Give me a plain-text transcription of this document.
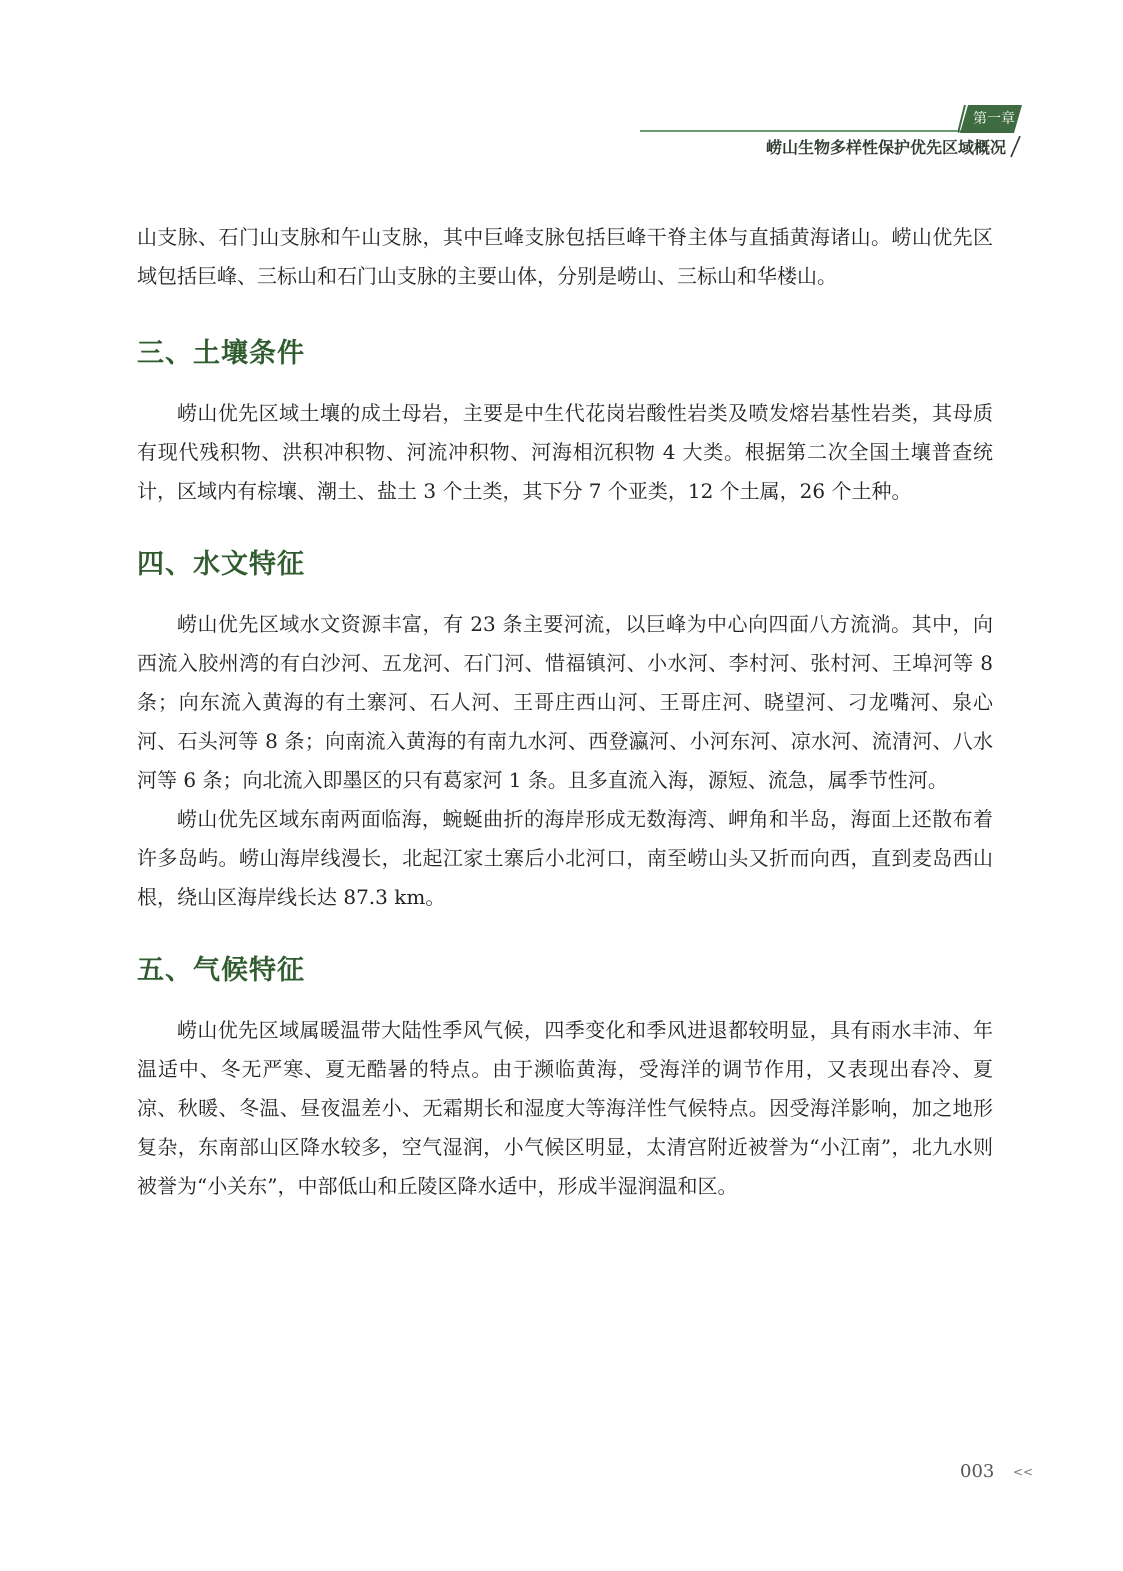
第一章
崂山生物多样性保护优先区域概况

山支脉、石门山支脉和午山支脉，其中巨峰支脉包括巨峰干脊主体与直插黄海诸山。崂山优先区域包括巨峰、三标山和石门山支脉的主要山体，分别是崂山、三标山和华楼山。

三、土壤条件

崂山优先区域土壤的成土母岩，主要是中生代花岗岩酸性岩类及喷发熔岩基性岩类，其母质有现代残积物、洪积冲积物、河流冲积物、河海相沉积物 4 大类。根据第二次全国土壤普查统计，区域内有棕壤、潮土、盐土 3 个土类，其下分 7 个亚类，12 个土属，26 个土种。

四、水文特征

崂山优先区域水文资源丰富，有 23 条主要河流，以巨峰为中心向四面八方流淌。其中，向西流入胶州湾的有白沙河、五龙河、石门河、惜福镇河、小水河、李村河、张村河、王埠河等 8 条；向东流入黄海的有土寨河、石人河、王哥庄西山河、王哥庄河、晓望河、刁龙嘴河、泉心河、石头河等 8 条；向南流入黄海的有南九水河、西登瀛河、小河东河、凉水河、流清河、八水河等 6 条；向北流入即墨区的只有葛家河 1 条。且多直流入海，源短、流急，属季节性河。

崂山优先区域东南两面临海，蜿蜒曲折的海岸形成无数海湾、岬角和半岛，海面上还散布着许多岛屿。崂山海岸线漫长，北起江家土寨后小北河口，南至崂山头又折而向西，直到麦岛西山根，绕山区海岸线长达 87.3 km。

五、气候特征

崂山优先区域属暖温带大陆性季风气候，四季变化和季风进退都较明显，具有雨水丰沛、年温适中、冬无严寒、夏无酷暑的特点。由于濒临黄海，受海洋的调节作用，又表现出春冷、夏凉、秋暖、冬温、昼夜温差小、无霜期长和湿度大等海洋性气候特点。因受海洋影响，加之地形复杂，东南部山区降水较多，空气湿润，小气候区明显，太清宫附近被誉为“小江南”，北九水则被誉为“小关东”，中部低山和丘陵区降水适中，形成半湿润温和区。

003 <<
